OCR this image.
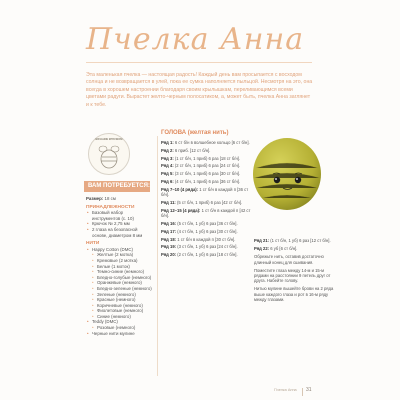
Пчелка Анна
Эта маленькая пчелка — настоящая радость! Каждый день вам просыпается с восходом солнца и не возвращается в улей, пока ее сумка наполняется пыльцой. Несмотря на это, она всегда в хорошем настроении благодаря своим крылышкам, переливающимся всеми цветами радуги. Вырастет желто-черным полосатиком, а, может быть, пчелка Анна заглянет и к тебе.
ВЯЗАНИЕ КРЮЧКОМ
ВАМ ПОТРЕБУЕТСЯ:
Размер: 18 см
ПРИНАДЛЕЖНОСТИ
• Базовый набор инструментов (с. 10)
• Крючок № 2,75 мм
• 2 глаза на безопасной основе, диаметром 8 мм
НИТИ
• Happy Cotton (DMC)
• Желтые (2 мотка)
• Кремовые (2 мотка)
• Белые (1 моток)
• Темно-синие (немного)
• Бледно-голубые (немного)
• Оранжевые (немного)
• Бледно-зеленые (немного)
• Зеленые (немного)
• Красные (немного)
• Коричневые (немного)
• Фиолетовые (немного)
• Синие (немного)
• Teddy (DMC)
• Розовые (немного)
• Черные нити мулине
ГОЛОВА (желтая нить)
Ряд 1: 6 ст б/н в волшебное кольцо [6 ст б/н].
Ряд 2: 6 приб. [12 ст б/н].
Ряд 3: (1 ст б/н, 1 приб) 6 раз [18 ст б/н].
Ряд 4: (2 ст б/н, 1 приб) 6 раз [24 ст б/н].
Ряд 5: (3 ст б/н, 1 приб) 6 раз [30 ст б/н].
Ряд 6: (4 ст б/н, 1 приб) 6 раз [36 ст б/н].
Ряд 7–10 (4 ряда): 1 ст б/н в каждой п [36 ст б/н].
Ряд 11: (5 ст б/н, 1 приб) 6 раз [42 ст б/н].
Ряд 12–15 (4 ряда): 1 ст б/н в каждой п [42 ст б/н].
Ряд 16: (5 ст б/н, 1 уб) 6 раз [36 ст б/н].
Ряд 17: (4 ст б/н, 1 уб) 6 раз [30 ст б/н].
Ряд 18: 1 ст б/н в каждой п [30 ст б/н].
Ряд 19: (3 ст б/н, 1 уб) 6 раз [24 ст б/н].
Ряд 20: (2 ст б/н, 1 уб) 6 раз [18 ст б/н].
Ряд 21: (1 ст б/н, 1 уб) 6 раз [12 ст б/н].
Ряд 22: 6 уб [6 ст б/н].

Обрежьте нить, оставив достаточно длинный конец для сшивания.

Поместите глаза между 14-м и 15-м рядами на расстоянии 9 петель друг от друга. Набейте голову.

Нитью мулине вышейте брови на 2 ряда выше каждого глаза и рот в 16-м ряду между глазами.

Пчелка Анна 31
